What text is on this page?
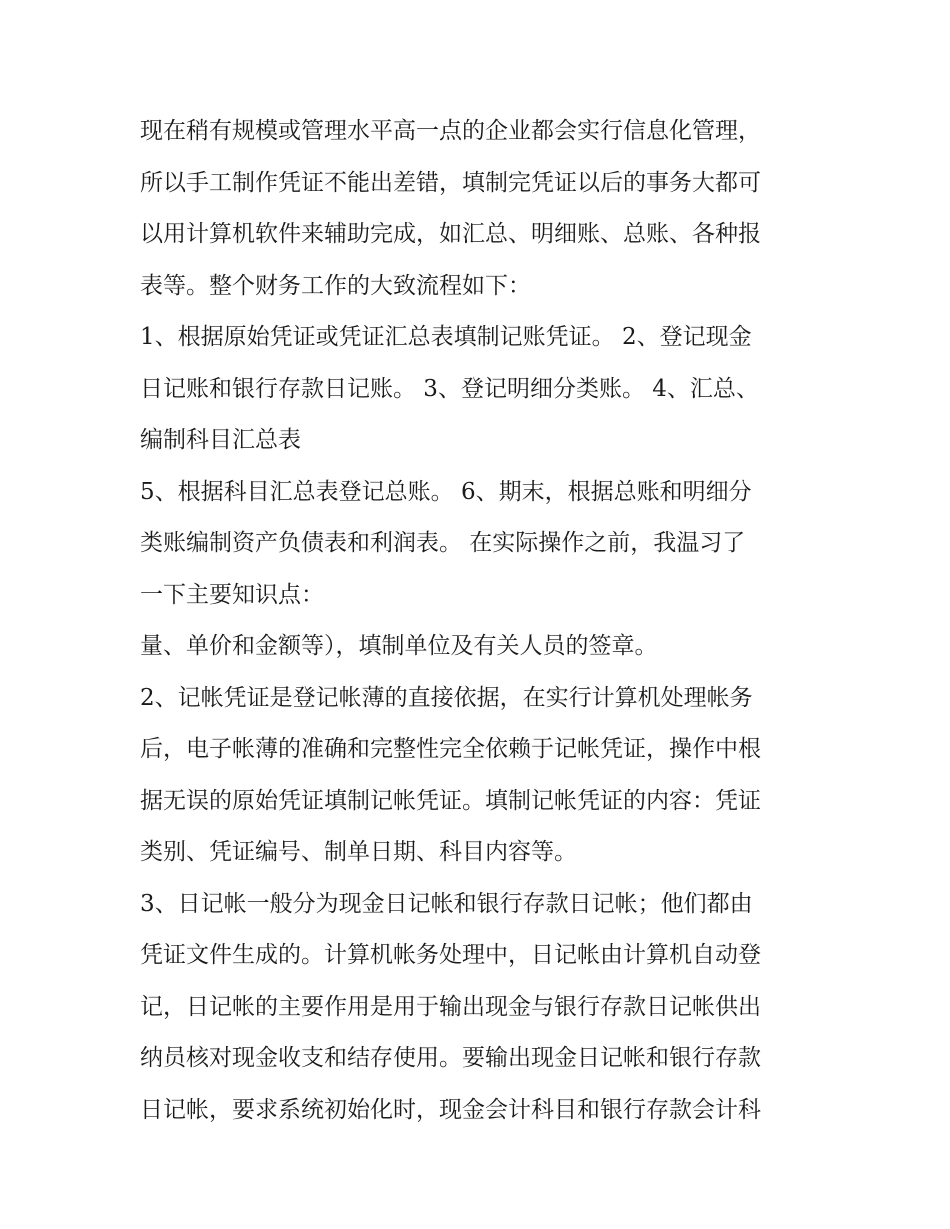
现在稍有规模或管理水平高一点的企业都会实行信息化管理，
所以手工制作凭证不能出差错，填制完凭证以后的事务大都可
以用计算机软件来辅助完成，如汇总、明细账、总账、各种报
表等。整个财务工作的大致流程如下：
1、根据原始凭证或凭证汇总表填制记账凭证。 2、登记现金
日记账和银行存款日记账。 3、登记明细分类账。 4、汇总、
编制科目汇总表
5、根据科目汇总表登记总账。 6、期末，根据总账和明细分
类账编制资产负债表和利润表。 在实际操作之前，我温习了
一下主要知识点：
量、单价和金额等），填制单位及有关人员的签章。
2、记帐凭证是登记帐薄的直接依据，在实行计算机处理帐务
后，电子帐薄的准确和完整性完全依赖于记帐凭证，操作中根
据无误的原始凭证填制记帐凭证。填制记帐凭证的内容：凭证
类别、凭证编号、制单日期、科目内容等。
3、日记帐一般分为现金日记帐和银行存款日记帐；他们都由
凭证文件生成的。计算机帐务处理中，日记帐由计算机自动登
记，日记帐的主要作用是用于输出现金与银行存款日记帐供出
纳员核对现金收支和结存使用。要输出现金日记帐和银行存款
日记帐，要求系统初始化时，现金会计科目和银行存款会计科
